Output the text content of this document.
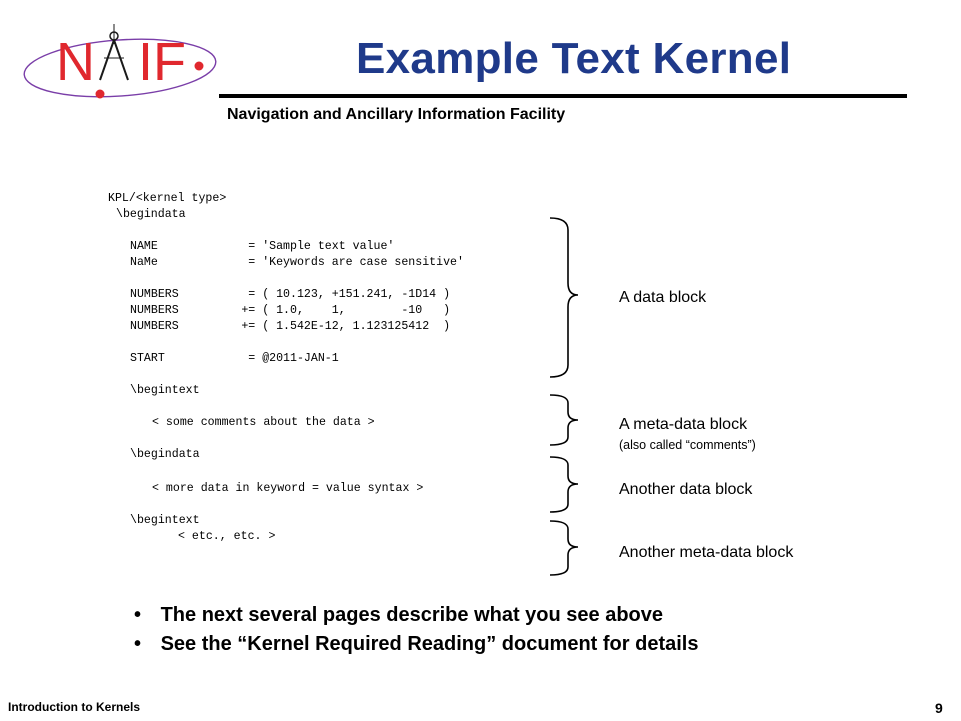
N IF	Example Text Kernel
Navigation and Ancillary Information Facility
KPL/<kernel type>
\begindata
NAME             = 'Sample text value'
NaMe             = 'Keywords are case sensitive'
NUMBERS          = ( 10.123, +151.241, -1D14 )
NUMBERS         += ( 1.0,    1,        -10   )
NUMBERS         += ( 1.542E-12, 1.123125412  )
START            = @2011-JAN-1
\begintext
< some comments about the data >
\begindata
< more data in keyword = value syntax >
\begintext
< etc., etc. >
A data block
A meta-data block
(also called “comments”)
Another data block
Another meta-data block
• The next several pages describe what you see above
• See the “Kernel Required Reading” document for details
Introduction to Kernels	9
